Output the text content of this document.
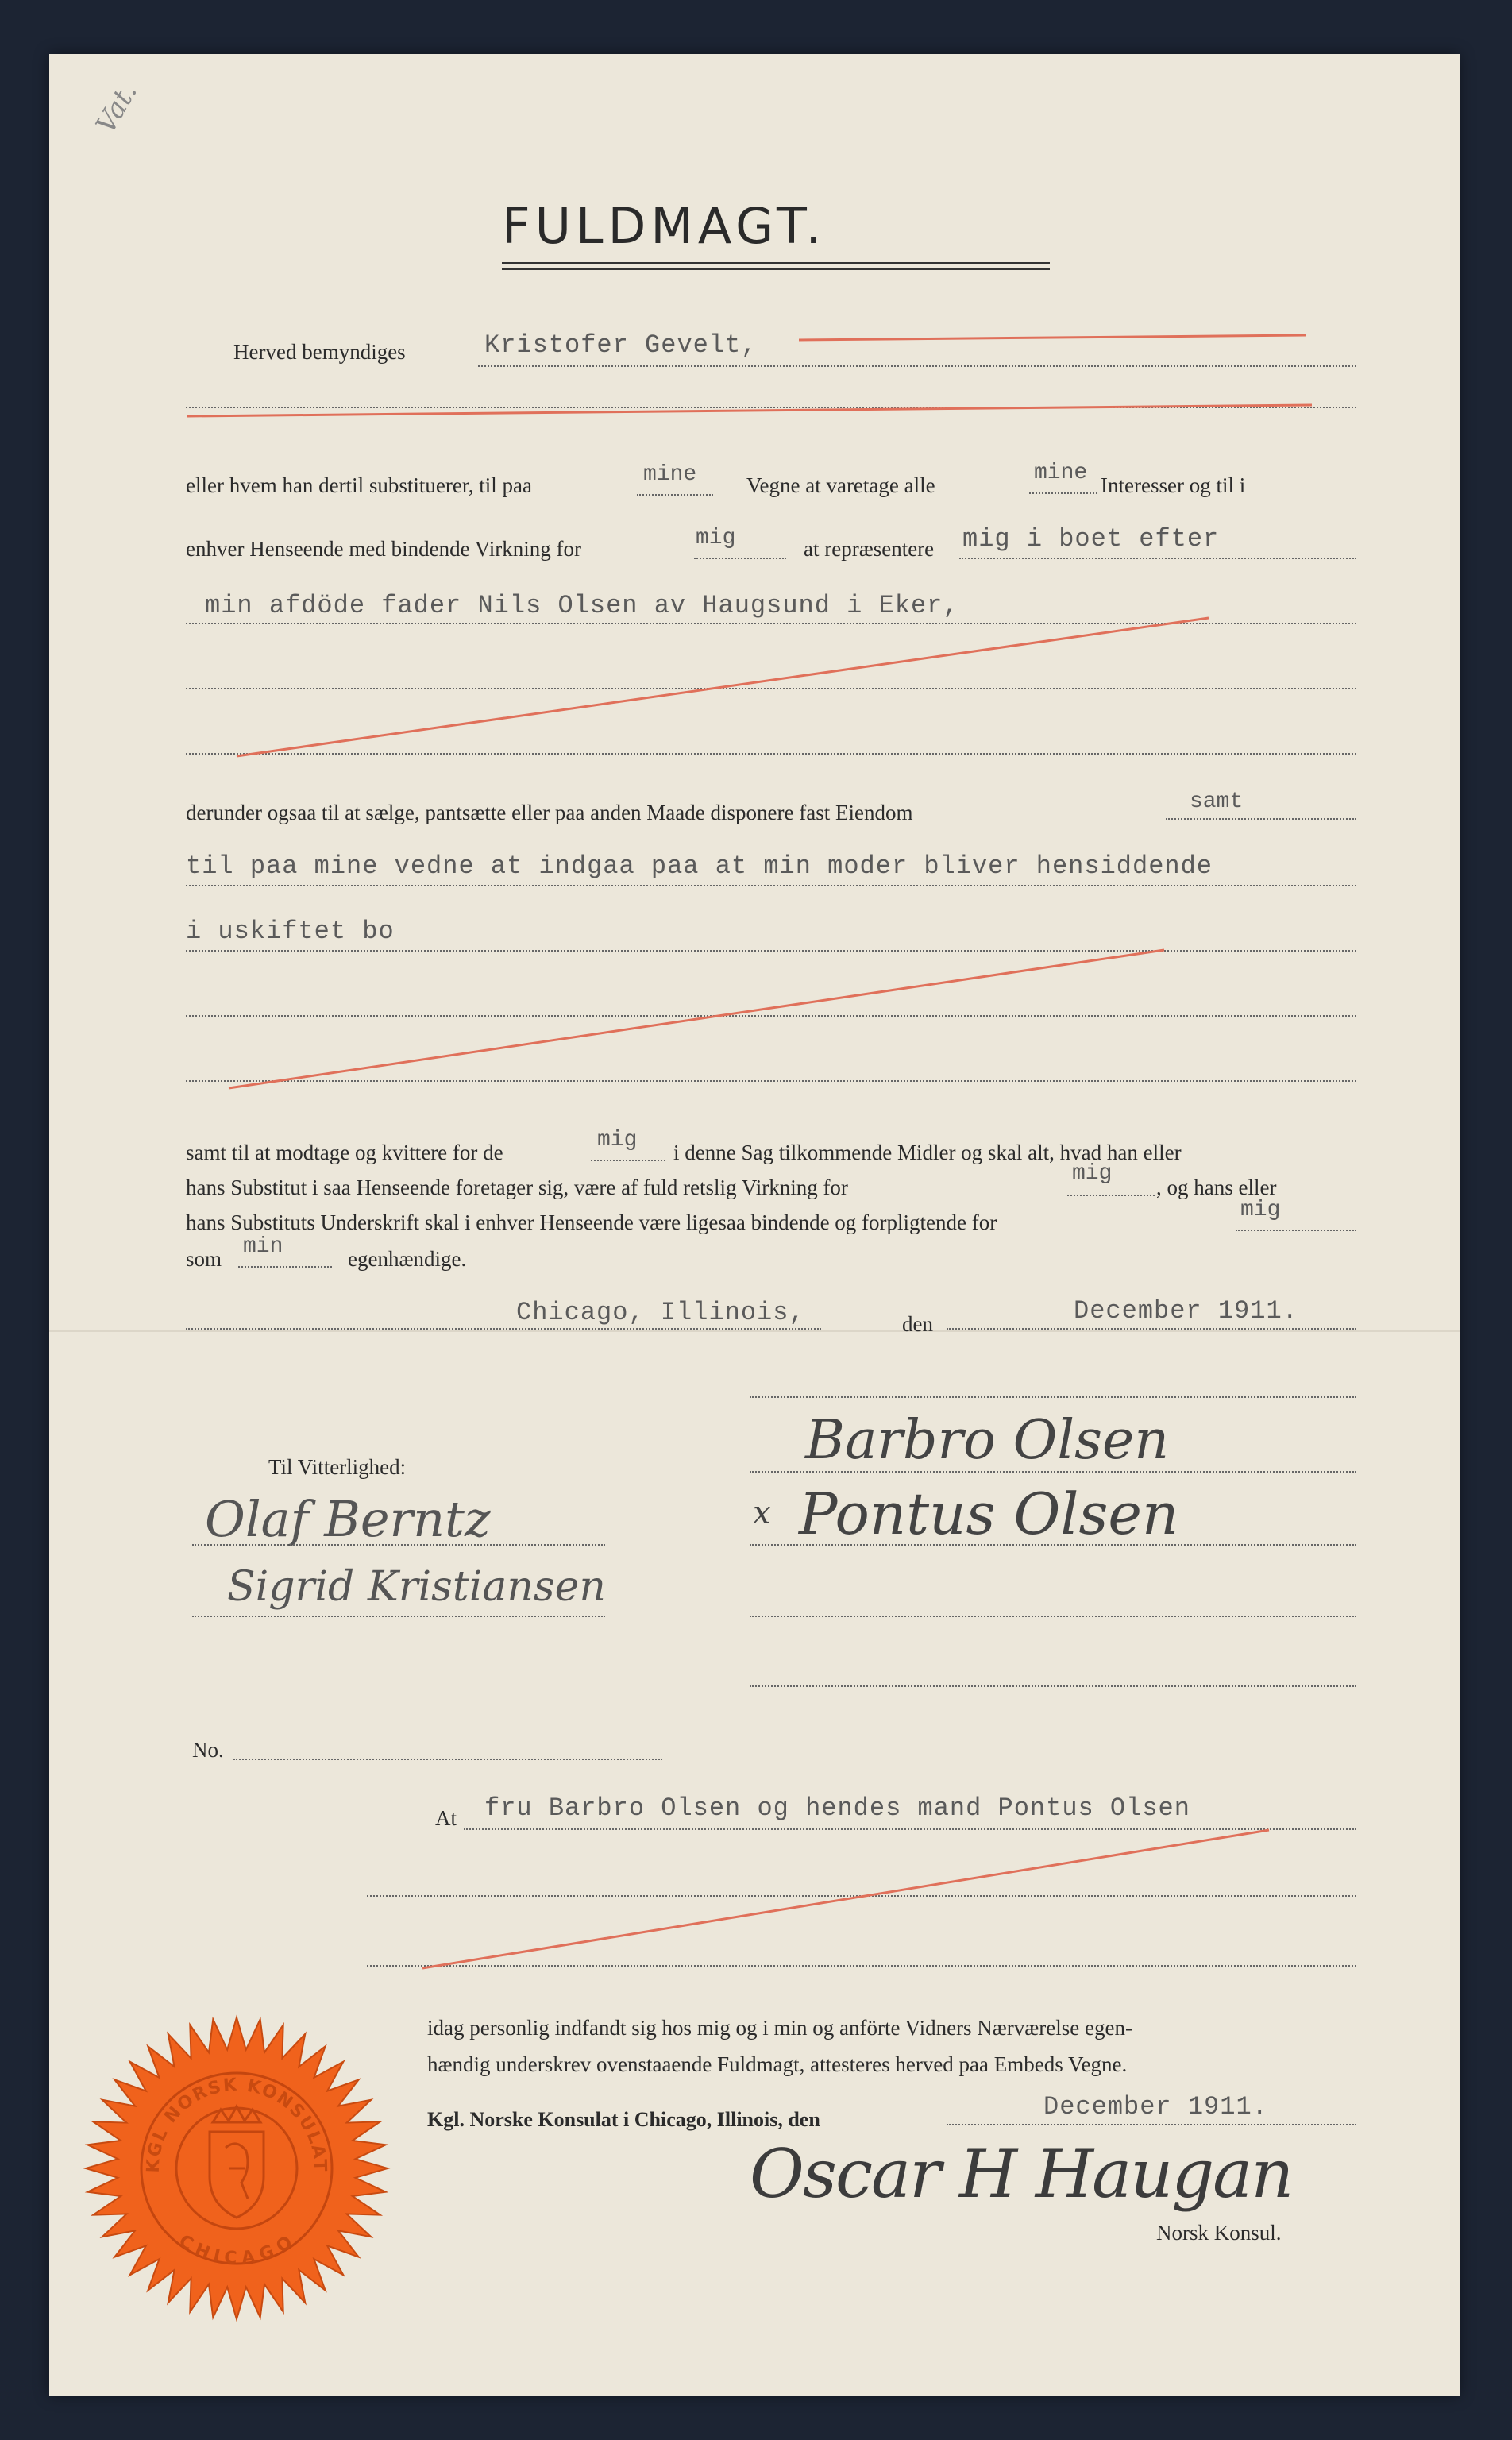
Vat.
FULDMAGT.
Herved bemyndiges	Kristofer Gevelt,
eller hvem han dertil substituerer, til paa	mine Vegne at varetage alle	mine Interesser og til i
enhver Henseende med bindende Virkning for	mig	at repræsentere mig i boet efter
min afdöde fader Nils Olsen av Haugsund i Eker,
derunder ogsaa til at sælge, pantsætte eller paa anden Maade disponere fast Eiendom	samt
til paa mine vedne at indgaa paa at min moder bliver hensiddende
i uskiftet bo
samt til at modtage og kvittere for de	mig i denne Sag tilkommende Midler og skal alt, hvad han eller
hans Substitut i saa Henseende foretager sig, være af fuld retslig Virkning for
mig
, og hans eller
hans Substituts Underskrift skal i enhver Henseende være ligesaa bindende og forpligtende for	mig
som min	egenhændige.
Chicago, Illinois,	den	December 1911.
Barbro Olsen
x Pontus Olsen
Til Vitterlighed:
Olaf Berntz
Sigrid Kristiansen
No.
At fru Barbro Olsen og hendes mand Pontus Olsen
idag personlig indfandt sig hos mig og i min og anförte Vidners Nærværelse egen-
hændig underskrev ovenstaaende Fuldmagt, attesteres herved paa Embeds Vegne.
Kgl. Norske Konsulat i Chicago, Illinois, den	December 1911.
Oscar H Haugan
Norsk Konsul.
KGL NORSK KONSULAT
CHICAGO
